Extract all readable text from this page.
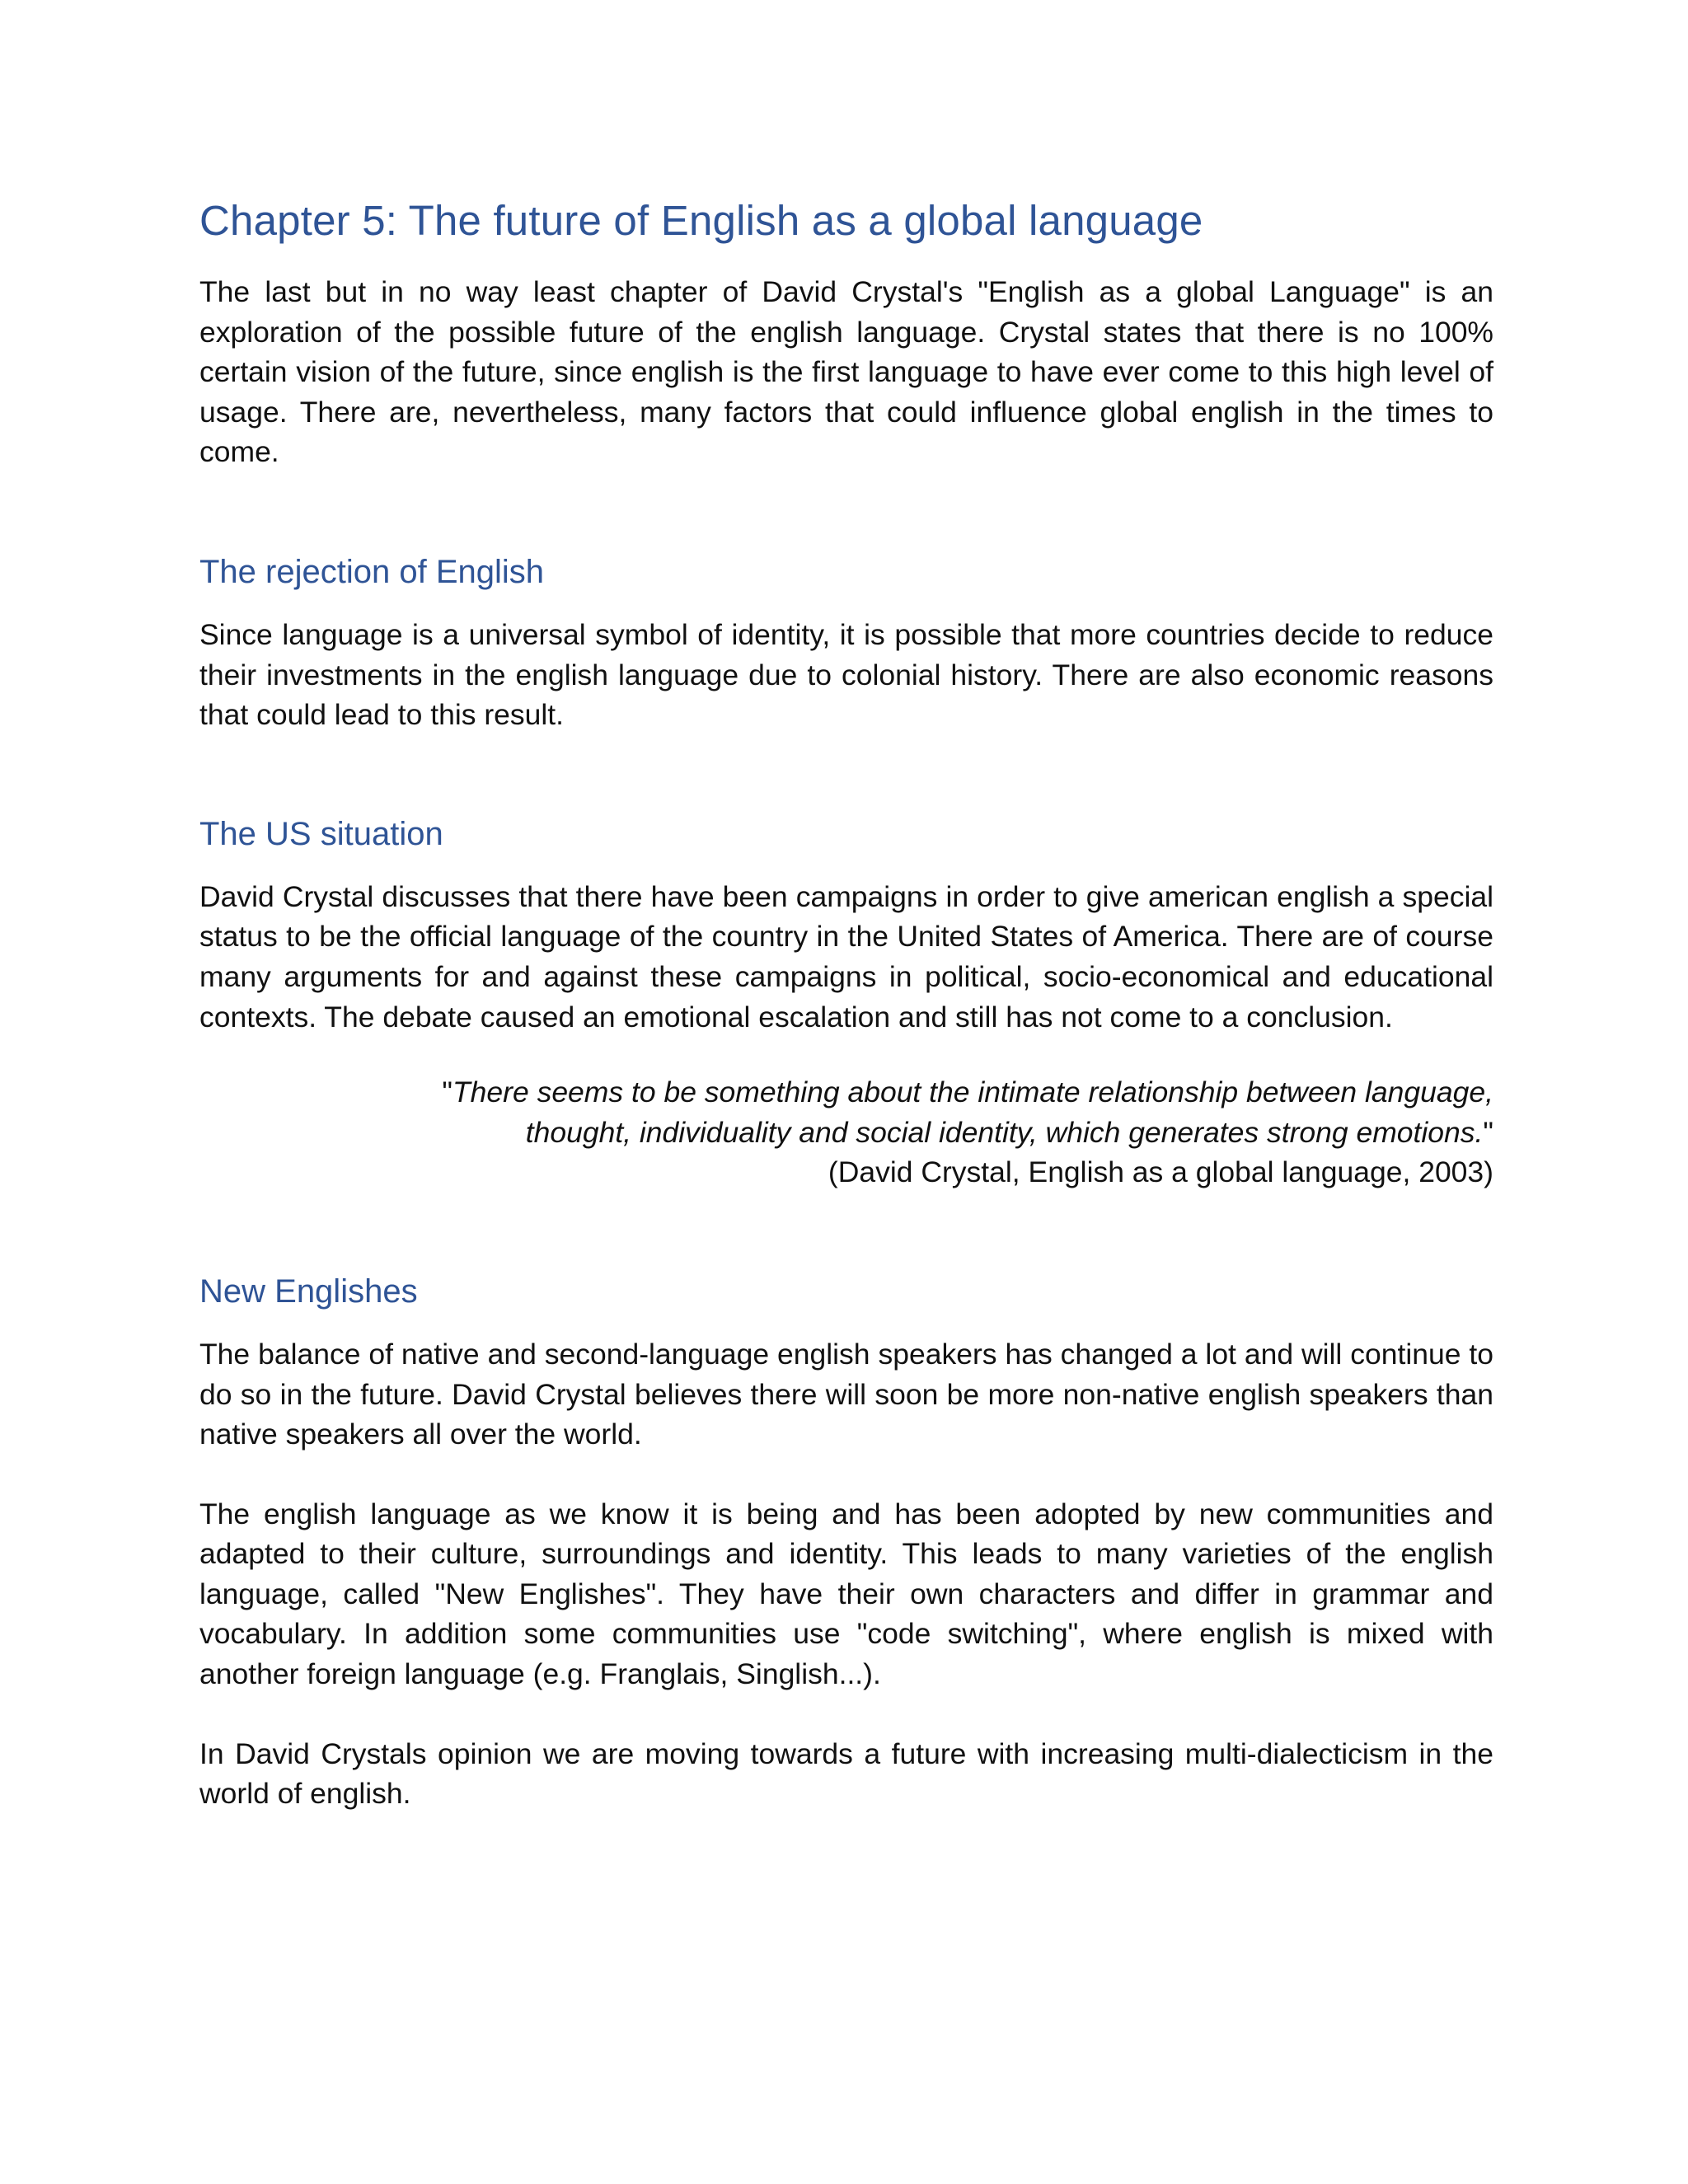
Chapter 5: The future of English as a global language

The last but in no way least chapter of David Crystal's "English as a global Language" is an exploration of the possible future of the english language. Crystal states that there is no 100% certain vision of the future, since english is the first language to have ever come to this high level of usage. There are, nevertheless, many factors that could influence global english in the times to come.

The rejection of English

Since language is a universal symbol of identity, it is possible that more countries decide to reduce their investments in the english language due to colonial history. There are also economic reasons that could lead to this result.

The US situation

David Crystal discusses that there have been campaigns in order to give american english a special status to be the official language of the country in the United States of America. There are of course many arguments for and against these campaigns in political, socio-economical and educational contexts. The debate caused an emotional escalation and still has not come to a conclusion.

"There seems to be something about the intimate relationship between language,
thought, individuality and social identity, which generates strong emotions."
(David Crystal, English as a global language, 2003)
New Englishes

The balance of native and second-language english speakers has changed a lot and will continue to do so in the future. David Crystal believes there will soon be more non-native english speakers than native speakers all over the world.

The english language as we know it is being and has been adopted by new communities and adapted to their culture, surroundings and identity. This leads to many varieties of the english language, called "New Englishes". They have their own characters and differ in grammar and vocabulary. In addition some communities use "code switching", where english is mixed with another foreign language (e.g. Franglais, Singlish...).

In David Crystals opinion we are moving towards a future with increasing multi-dialecticism in the world of english.
